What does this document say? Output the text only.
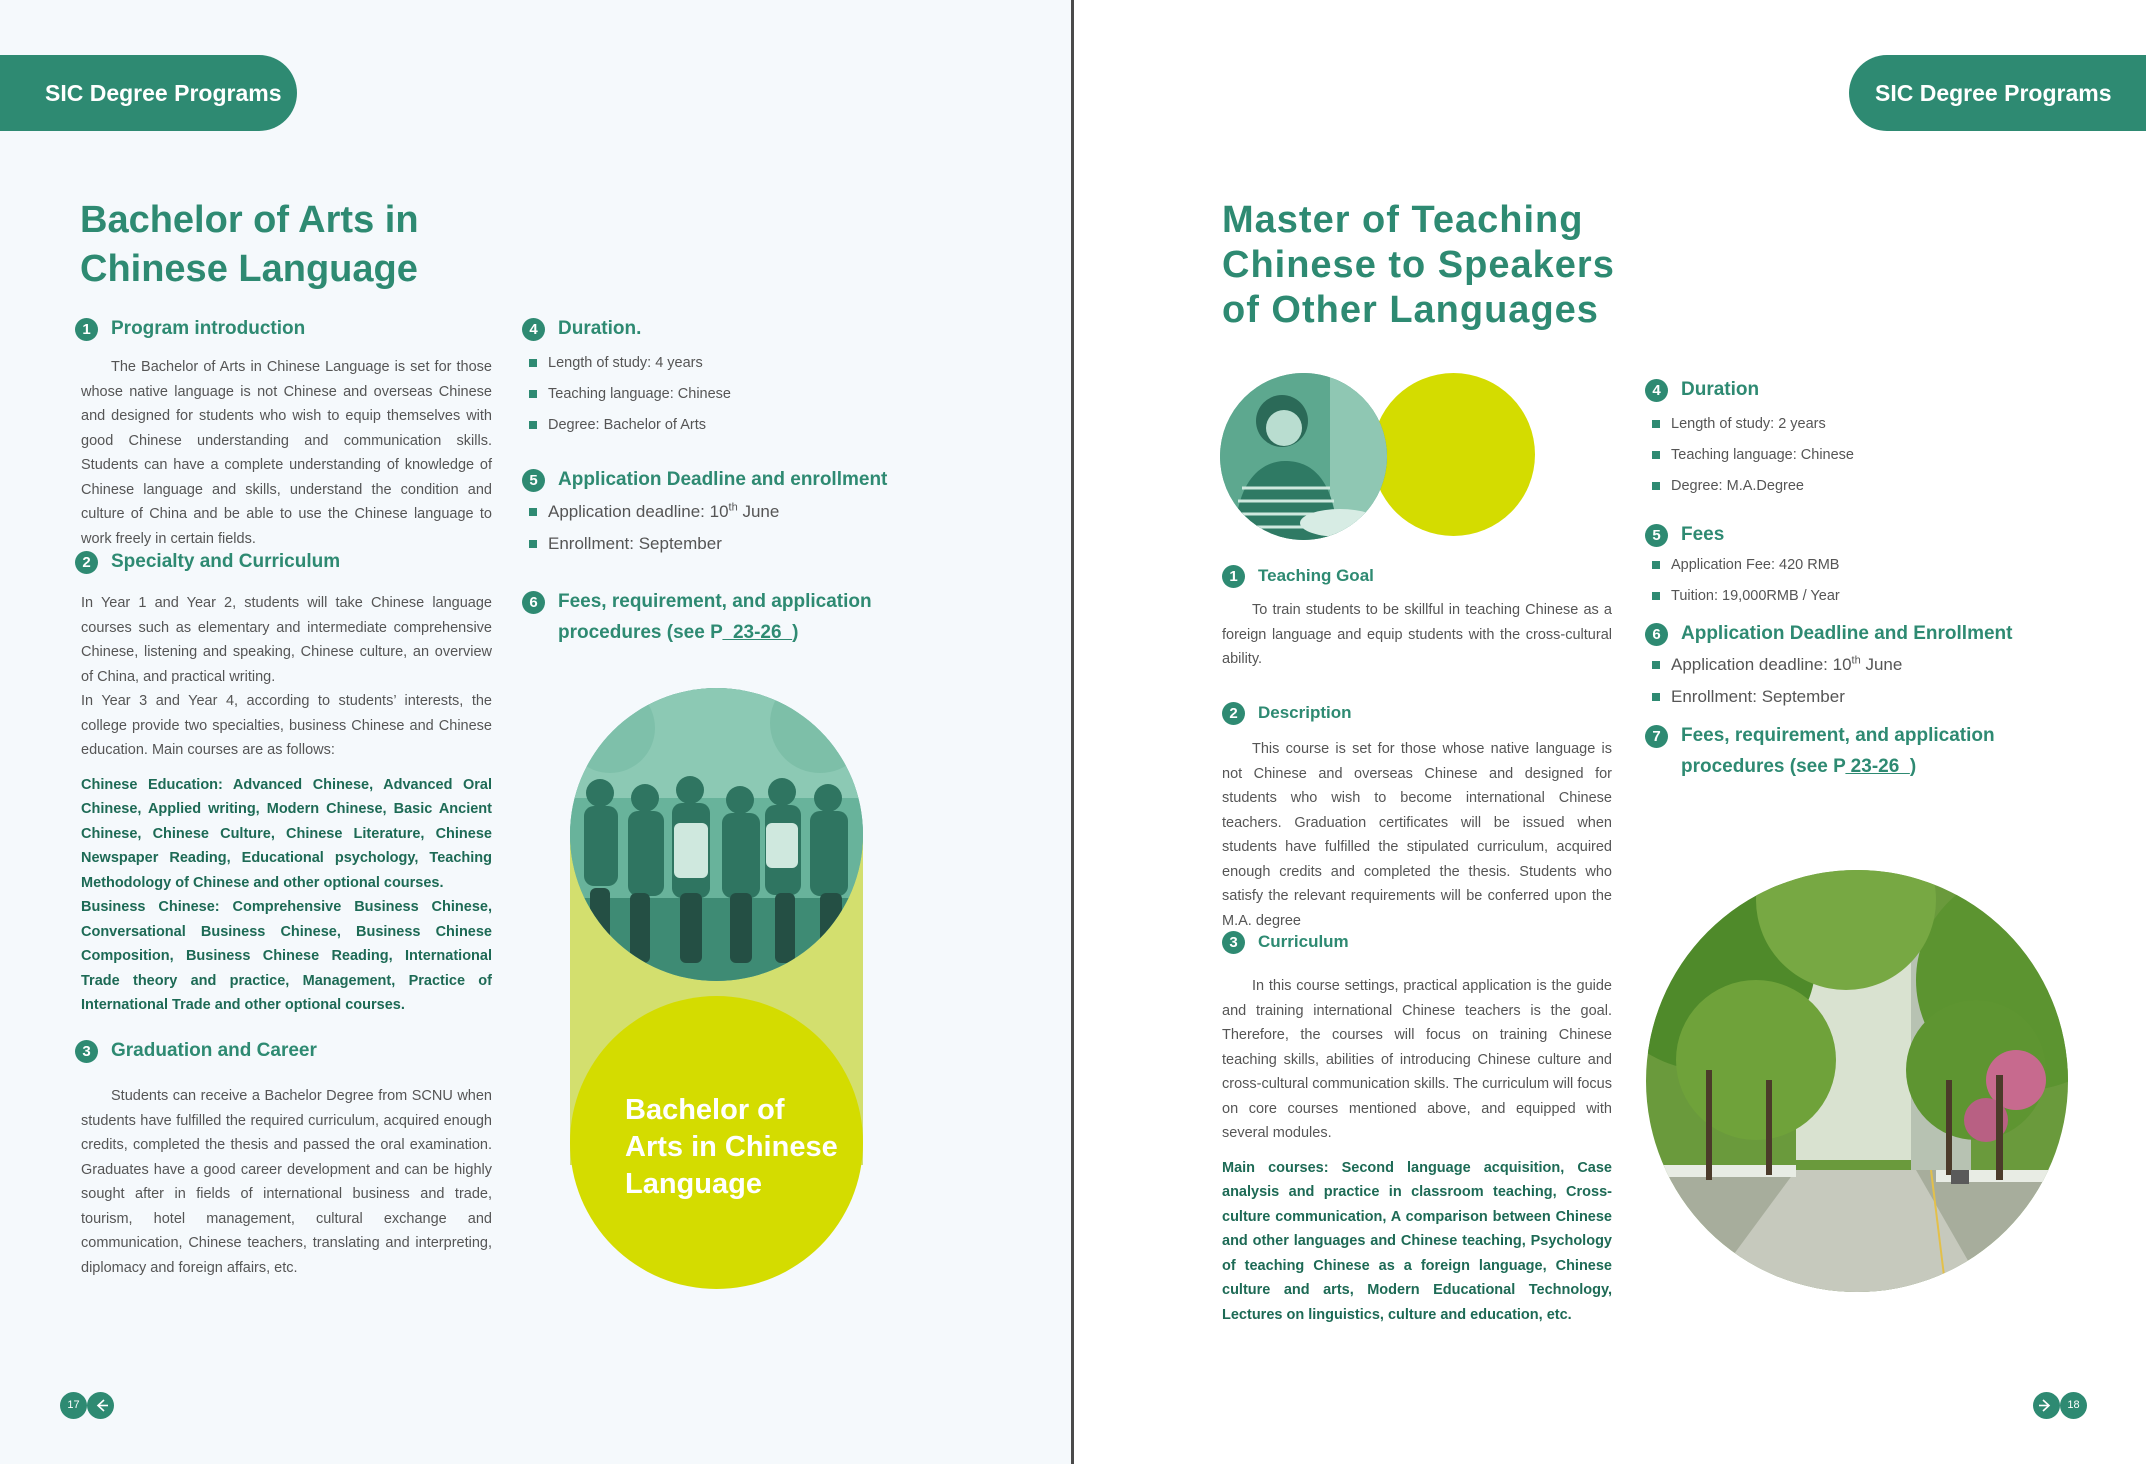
SIC Degree Programs
Bachelor of Arts in
Chinese Language
1	Program introduction

The Bachelor of Arts in Chinese Language is set for those whose native language is not Chinese and overseas Chinese and designed for students who wish to equip themselves with good Chinese understanding and communication skills. Students can have a complete understanding of knowledge of Chinese language and skills, understand the condition and culture of China and be able to use the Chinese language to work freely in certain fields.

2	Specialty and Curriculum

In Year 1 and Year 2, students will take Chinese language courses such as elementary and intermediate comprehensive Chinese, listening and speaking, Chinese culture, an overview of China, and practical writing.

In Year 3 and Year 4, according to students’ interests, the college provide two specialties, business Chinese and Chinese education. Main courses are as follows:

Chinese Education: Advanced Chinese, Advanced Oral Chinese, Applied writing, Modern Chinese, Basic Ancient Chinese, Chinese Culture, Chinese Literature, Chinese Newspaper Reading, Educational psychology, Teaching Methodology of Chinese and other optional courses.

Business Chinese: Comprehensive Business Chinese, Conversational Business Chinese, Business Chinese Composition, Business Chinese Reading, International Trade theory and practice, Management, Practice of International Trade and other optional courses.

3	Graduation and Career

Students can receive a Bachelor Degree from SCNU when students have fulfilled the required curriculum, acquired enough credits, completed the thesis and passed the oral examination. Graduates have a good career development and can be highly sought after in fields of international business and trade, tourism, hotel management, cultural exchange and communication, Chinese teachers, translating and interpreting, diplomacy and foreign affairs, etc.

4	Duration.
Length of study: 4 years
Teaching language: Chinese
Degree: Bachelor of Arts
5	Application Deadline and enrollment
Application deadline: 10th June
Enrollment: September
6	Fees, requirement, and application
procedures (see P  23-26  )
Bachelor of
Arts in Chinese
Language
17
SIC Degree Programs
Master of Teaching
Chinese to Speakers
of Other Languages
1	Teaching Goal

To train students to be skillful in teaching Chinese as a foreign language and equip students with the cross-cultural ability.

2	Description

This course is set for those whose native language is not Chinese and overseas Chinese and designed for students who wish to become international Chinese teachers. Graduation certificates will be issued when students have fulfilled the stipulated curriculum, acquired enough credits and completed the thesis. Students who satisfy the relevant requirements will be conferred upon the M.A. degree

3	Curriculum

In this course settings, practical application is the guide and training international Chinese teachers is the goal. Therefore, the courses will focus on training Chinese teaching skills, abilities of introducing Chinese culture and cross-cultural communication skills. The curriculum will focus on core courses mentioned above, and equipped with several modules.

Main courses: Second language acquisition, Case analysis and practice in classroom teaching, Cross-culture communication, A comparison between Chinese and other languages and Chinese teaching, Psychology of teaching Chinese as a foreign language, Chinese culture and arts, Modern Educational Technology, Lectures on linguistics, culture and education, etc.

4	Duration
Length of study: 2 years
Teaching language: Chinese
Degree: M.A.Degree
5	Fees
Application Fee: 420 RMB
Tuition: 19,000RMB / Year
6	Application Deadline and Enrollment
Application deadline: 10th June
Enrollment: September
7	Fees, requirement, and application
procedures (see P 23-26  )
18
